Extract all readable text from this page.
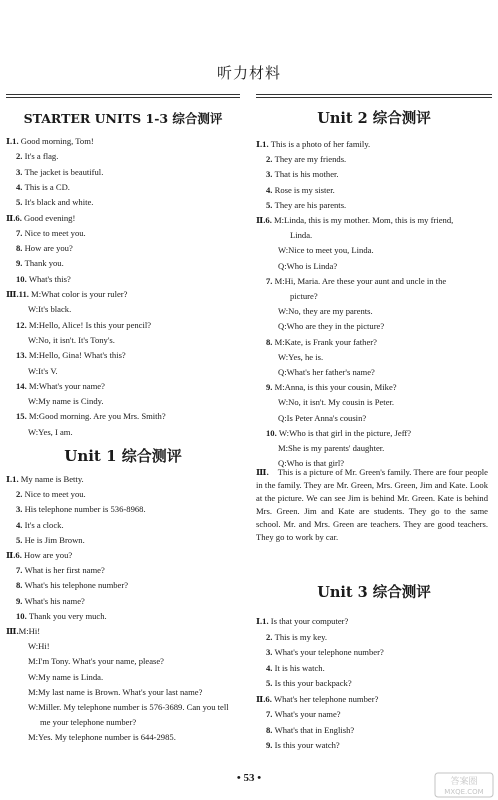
听力材料
STARTER UNITS 1-3 综合测评
Ⅰ.1. Good morning, Tom!
2. It's a flag.
3. The jacket is beautiful.
4. This is a CD.
5. It's black and white.
Ⅱ.6. Good evening!
7. Nice to meet you.
8. How are you?
9. Thank you.
10. What's this?
Ⅲ.11. M:What color is your ruler?
W:It's black.
12. M:Hello, Alice! Is this your pencil?
W:No, it isn't. It's Tony's.
13. M:Hello, Gina! What's this?
W:It's V.
14. M:What's your name?
W:My name is Cindy.
15. M:Good morning. Are you Mrs. Smith?
W:Yes, I am.
Unit 1 综合测评
Ⅰ.1. My name is Betty.
2. Nice to meet you.
3. His telephone number is 536-8968.
4. It's a clock.
5. He is Jim Brown.
Ⅱ.6. How are you?
7. What is her first name?
8. What's his telephone number?
9. What's his name?
10. Thank you very much.
Ⅲ.M:Hi!
W:Hi!
M:I'm Tony. What's your name, please?
W:My name is Linda.
M:My last name is Brown. What's your last name?
W:Miller. My telephone number is 576-3689. Can you tell
me your telephone number?
M:Yes. My telephone number is 644-2985.
Unit 2 综合测评
Ⅰ.1. This is a photo of her family.
2. They are my friends.
3. That is his mother.
4. Rose is my sister.
5. They are his parents.
Ⅱ.6. M:Linda, this is my mother. Mom, this is my friend,
Linda.
W:Nice to meet you, Linda.
Q:Who is Linda?
7. M:Hi, Maria. Are these your aunt and uncle in the
picture?
W:No, they are my parents.
Q:Who are they in the picture?
8. M:Kate, is Frank your father?
W:Yes, he is.
Q:What's her father's name?
9. M:Anna, is this your cousin, Mike?
W:No, it isn't. My cousin is Peter.
Q:Is Peter Anna's cousin?
10. W:Who is that girl in the picture, Jeff?
M:She is my parents' daughter.
Q:Who is that girl?
Ⅲ. This is a picture of Mr. Green's family. There are four people in the family. They are Mr. Green, Mrs. Green, Jim and Kate. Look at the picture. We can see Jim is behind Mr. Green. Kate is behind Mrs. Green. Jim and Kate are students. They go to the same school. Mr. and Mrs. Green are teachers. They are good teachers. They go to work by car.
Unit 3 综合测评
Ⅰ.1. Is that your computer?
2. This is my key.
3. What's your telephone number?
4. It is his watch.
5. Is this your backpack?
Ⅱ.6. What's her telephone number?
7. What's your name?
8. What's that in English?
9. Is this your watch?
• 53 •	答案圈
MXQE.COM
